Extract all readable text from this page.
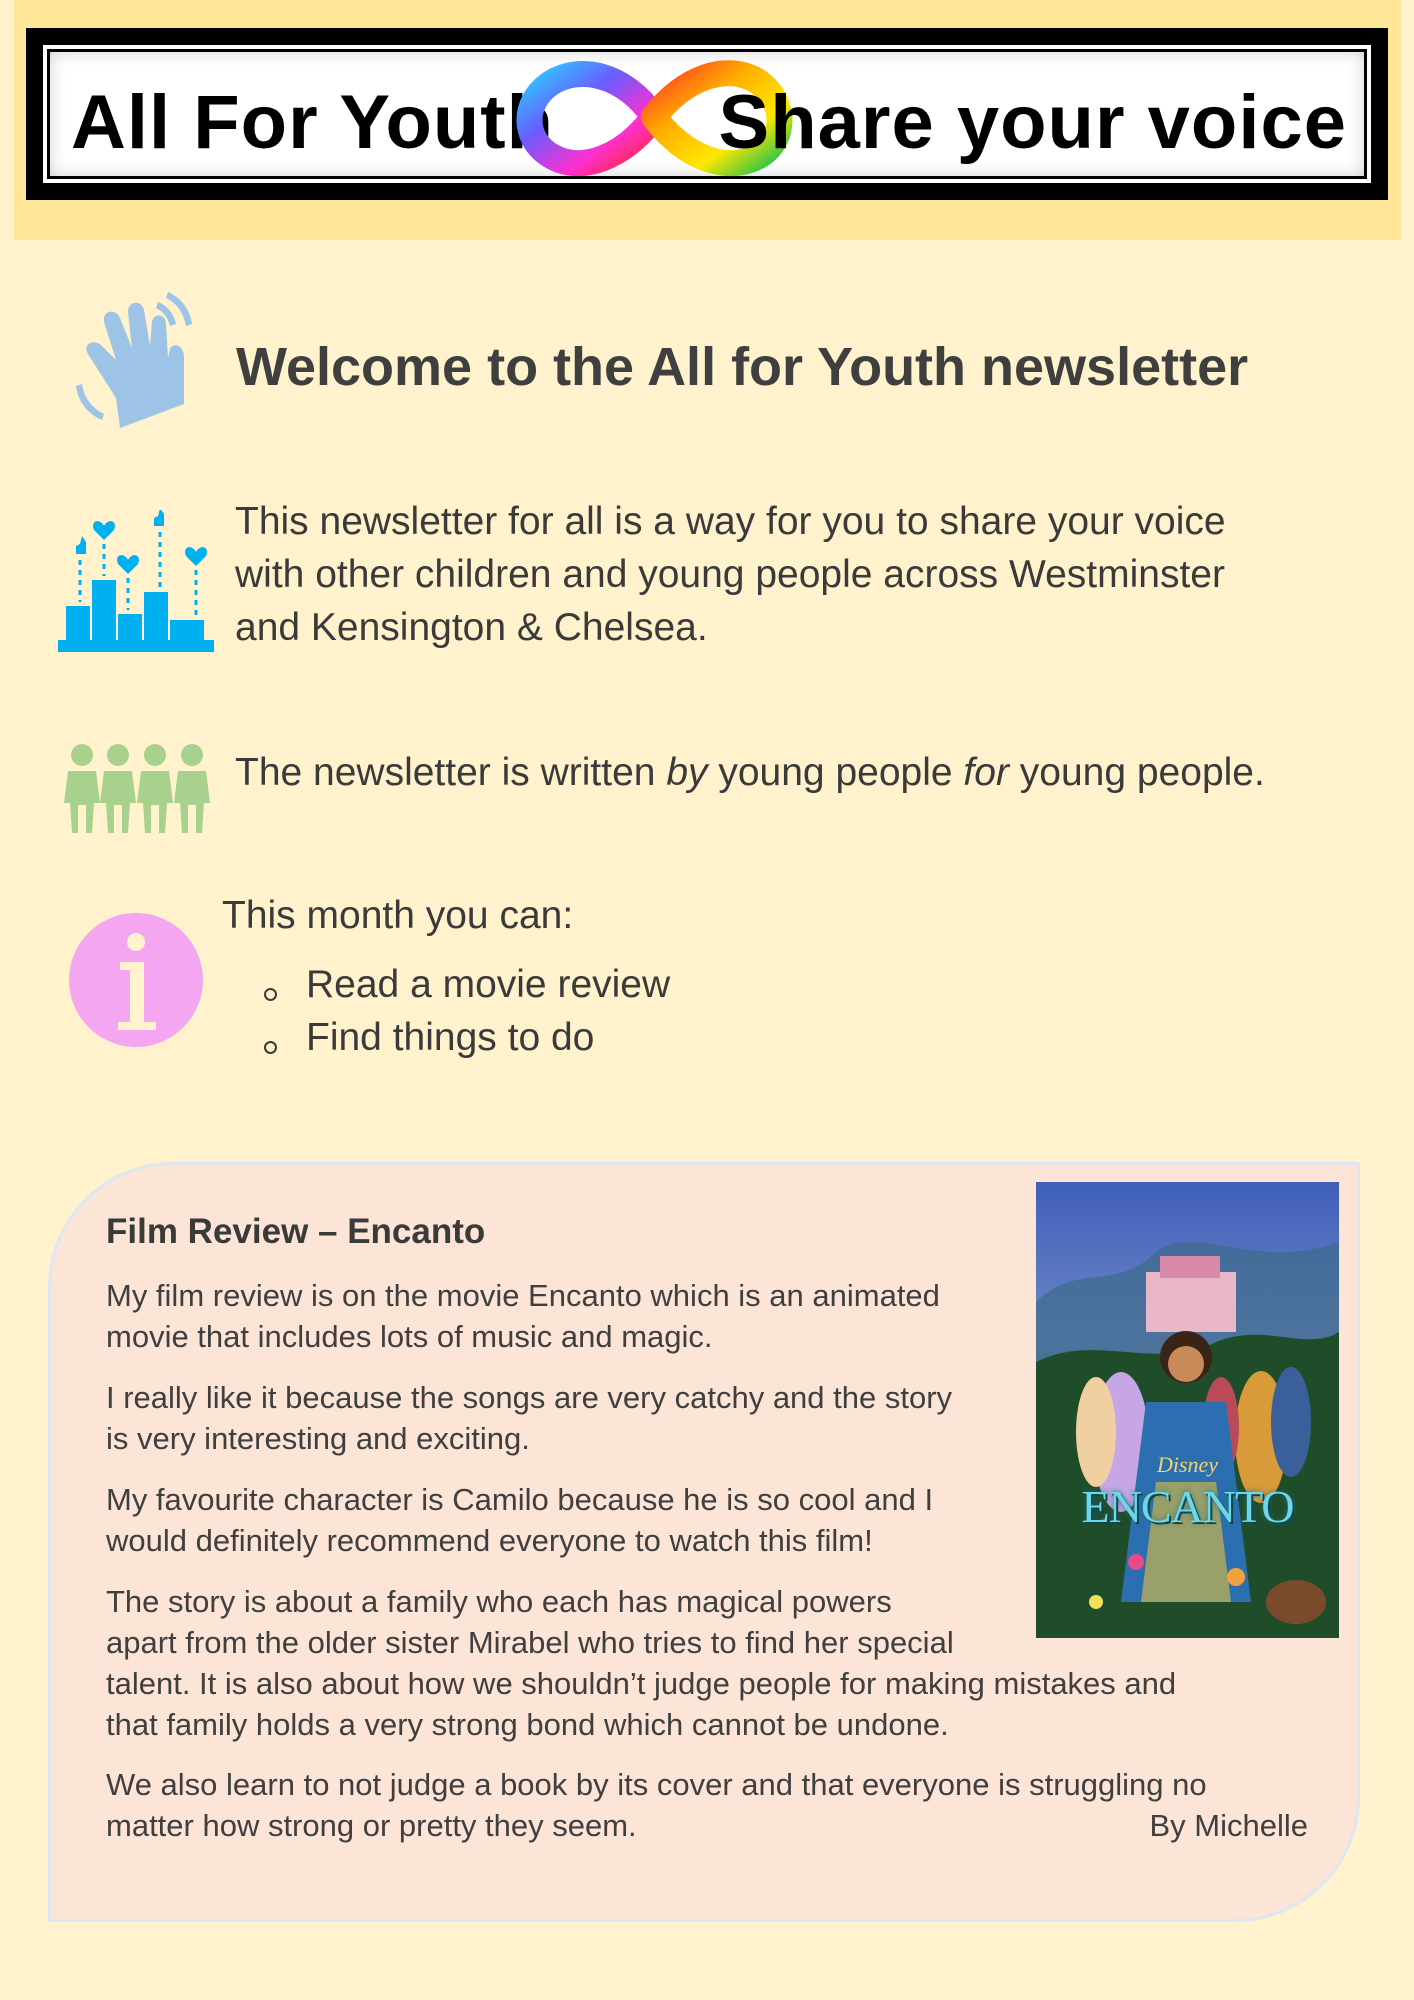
All For Youth Share your voice
Welcome to the All for Youth newsletter
This newsletter for all is a way for you to share your voice
with other children and young people across Westminster
and Kensington & Chelsea.
The newsletter is written by young people for young people.
This month you can:
Read a movie review
Find things to do
Film Review – Encanto
My film review is on the movie Encanto which is an animated
movie that includes lots of music and magic.
I really like it because the songs are very catchy and the story
is very interesting and exciting.
My favourite character is Camilo because he is so cool and I
would definitely recommend everyone to watch this film!
The story is about a family who each has magical powers
apart from the older sister Mirabel who tries to find her special
talent. It is also about how we shouldn’t judge people for making mistakes and
that family holds a very strong bond which cannot be undone.
We also learn to not judge a book by its cover and that everyone is struggling no
matter how strong or pretty they seem.	By Michelle
Disney
ENCANTO
